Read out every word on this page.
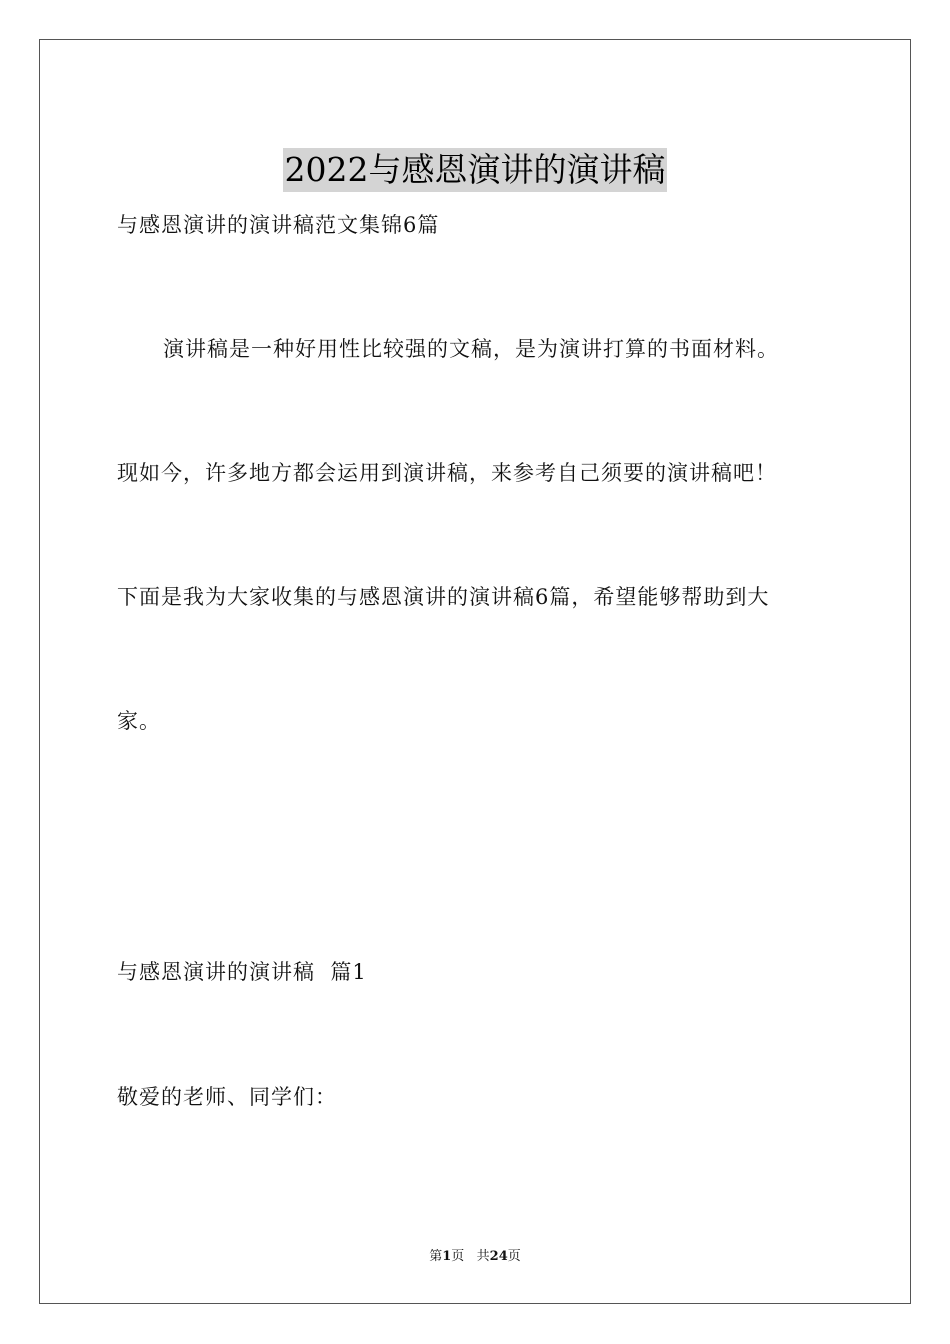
2022与感恩演讲的演讲稿
与感恩演讲的演讲稿范文集锦6篇
演讲稿是一种好用性比较强的文稿，是为演讲打算的书面材料。
现如今，许多地方都会运用到演讲稿，来参考自己须要的演讲稿吧！
下面是我为大家收集的与感恩演讲的演讲稿6篇，希望能够帮助到大
家。
与感恩演讲的演讲稿  篇1
敬爱的老师、同学们：
第1页   共24页
